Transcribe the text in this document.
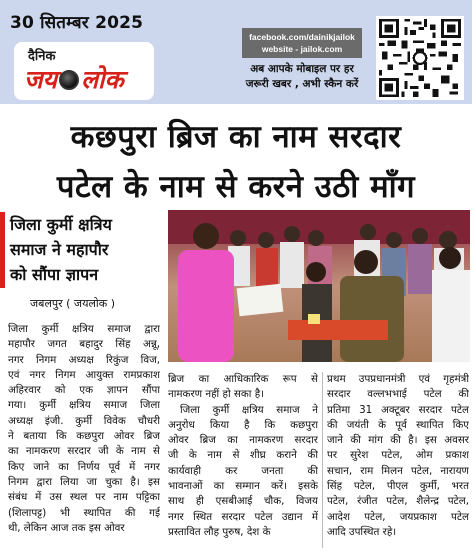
30 सितम्बर 2025
दैनिक
जय लोक
facebook.com/dainikjailok
website - jailok.com
अब आपके मोबाइल पर हर
जरूरी खबर , अभी स्कैन करें
कछपुरा ब्रिज का नाम सरदार
पटेल के नाम से करने उठी माँग
जिला कुर्मी क्षत्रिय
समाज ने महापौर
को सौंपा ज्ञापन
जबलपुर ( जयलोक )
जिला कुर्मी क्षत्रिय समाज द्वारा
महापौर जगत बहादुर सिंह अन्नू,
नगर निगम अध्यक्ष रिकुंज विज,
एवं नगर निगम आयुक्त रामप्रकाश
अहिरवार को एक ज्ञापन सौंपा
गया। कुर्मी क्षत्रिय समाज जिला
अध्यक्ष इंजी. कुर्मी विवेक चौधरी
ने बताया कि कछपुरा ओवर ब्रिज
का नामकरण सरदार जी के नाम से
किए जाने का निर्णय पूर्व में नगर
निगम द्वारा लिया जा चुका है। इस
संबंध में उस स्थल पर नाम पट्टिका
(शिलापट्ट) भी स्थापित की गई
थी, लेकिन आज तक इस ओवर
ब्रिज का आधिकारिक रूप से
नामकरण नहीं हो सका है।
जिला कुर्मी क्षत्रिय समाज ने
अनुरोध किया है कि कछपुरा
ओवर ब्रिज का नामकरण सरदार
जी के नाम से शीघ्र कराने की
कार्यवाही कर जनता की
भावनाओं का सम्मान करें। इसके
साथ ही एसबीआई चौक, विजय
नगर स्थित सरदार पटेल उद्यान में
प्रस्तावित लौह पुरुष, देश के
प्रथम उपप्रधानमंत्री एवं गृहमंत्री
सरदार वल्लभभाई पटेल की
प्रतिमा 31 अक्टूबर सरदार पटेल
की जयंती के पूर्व स्थापित किए
जाने की मांग की है। इस अवसर
पर सुरेश पटेल, ओम प्रकाश
सचान, राम मिलन पटेल, नारायण
सिंह पटेल, पीएल कुर्मी, भरत
पटेल, रंजीत पटेल, शैलेन्द्र पटेल,
आदेश पटेल, जयप्रकाश पटेल
आदि उपस्थित रहे।
